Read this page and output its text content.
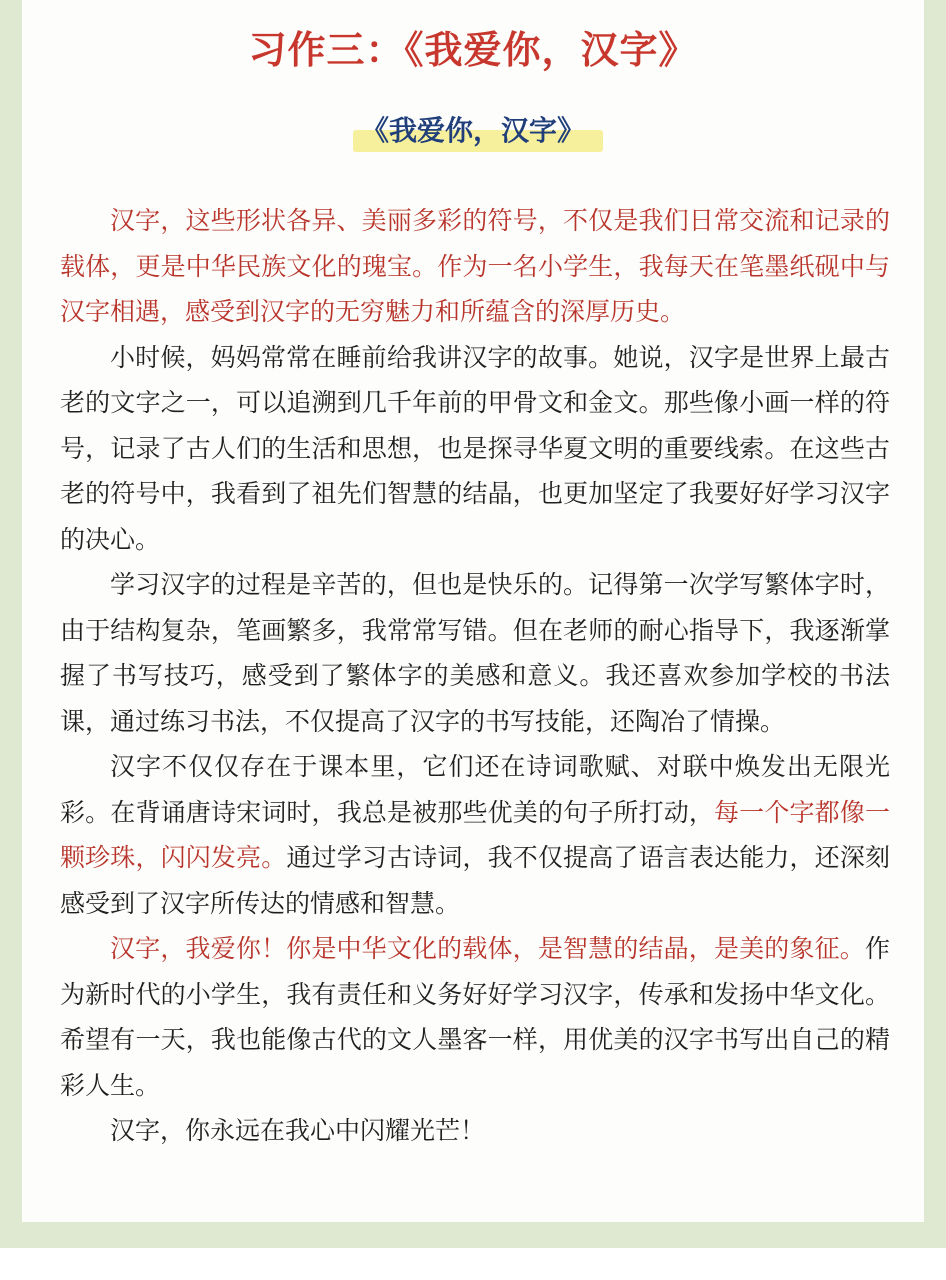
习作三：《我爱你，汉字》
《我爱你，汉字》

汉字，这些形状各异、美丽多彩的符号，不仅是我们日常交流和记录的载体，更是中华民族文化的瑰宝。作为一名小学生，我每天在笔墨纸砚中与汉字相遇，感受到汉字的无穷魅力和所蕴含的深厚历史。

小时候，妈妈常常在睡前给我讲汉字的故事。她说，汉字是世界上最古老的文字之一，可以追溯到几千年前的甲骨文和金文。那些像小画一样的符号，记录了古人们的生活和思想，也是探寻华夏文明的重要线索。在这些古老的符号中，我看到了祖先们智慧的结晶，也更加坚定了我要好好学习汉字的决心。

学习汉字的过程是辛苦的，但也是快乐的。记得第一次学写繁体字时，由于结构复杂，笔画繁多，我常常写错。但在老师的耐心指导下，我逐渐掌握了书写技巧，感受到了繁体字的美感和意义。我还喜欢参加学校的书法课，通过练习书法，不仅提高了汉字的书写技能，还陶冶了情操。

汉字不仅仅存在于课本里，它们还在诗词歌赋、对联中焕发出无限光彩。在背诵唐诗宋词时，我总是被那些优美的句子所打动，每一个字都像一颗珍珠，闪闪发亮。通过学习古诗词，我不仅提高了语言表达能力，还深刻感受到了汉字所传达的情感和智慧。

汉字，我爱你！你是中华文化的载体，是智慧的结晶，是美的象征。作为新时代的小学生，我有责任和义务好好学习汉字，传承和发扬中华文化。希望有一天，我也能像古代的文人墨客一样，用优美的汉字书写出自己的精彩人生。

汉字，你永远在我心中闪耀光芒！
